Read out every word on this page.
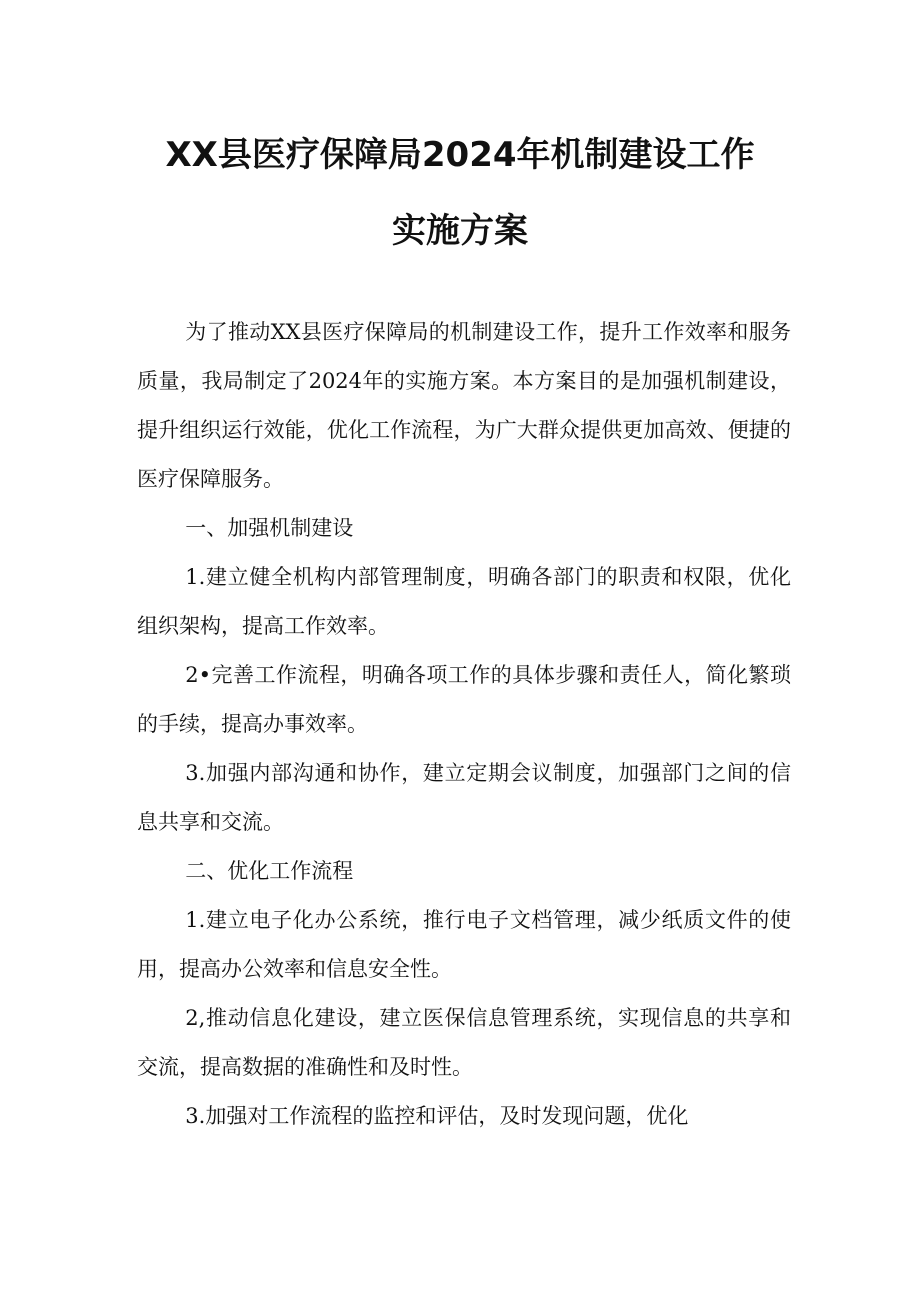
XX县医疗保障局2024年机制建设工作
实施方案

为了推动XX县医疗保障局的机制建设工作，提升工作效率和服务质量，我局制定了2024年的实施方案。本方案目的是加强机制建设，提升组织运行效能，优化工作流程，为广大群众提供更加高效、便捷的医疗保障服务。

一、加强机制建设

1.建立健全机构内部管理制度，明确各部门的职责和权限，优化组织架构，提高工作效率。

2•完善工作流程，明确各项工作的具体步骤和责任人，简化繁琐的手续，提高办事效率。

3.加强内部沟通和协作，建立定期会议制度，加强部门之间的信息共享和交流。

二、优化工作流程

1.建立电子化办公系统，推行电子文档管理，减少纸质文件的使用，提高办公效率和信息安全性。

2,推动信息化建设，建立医保信息管理系统，实现信息的共享和交流，提高数据的准确性和及时性。

3.加强对工作流程的监控和评估，及时发现问题，优化
